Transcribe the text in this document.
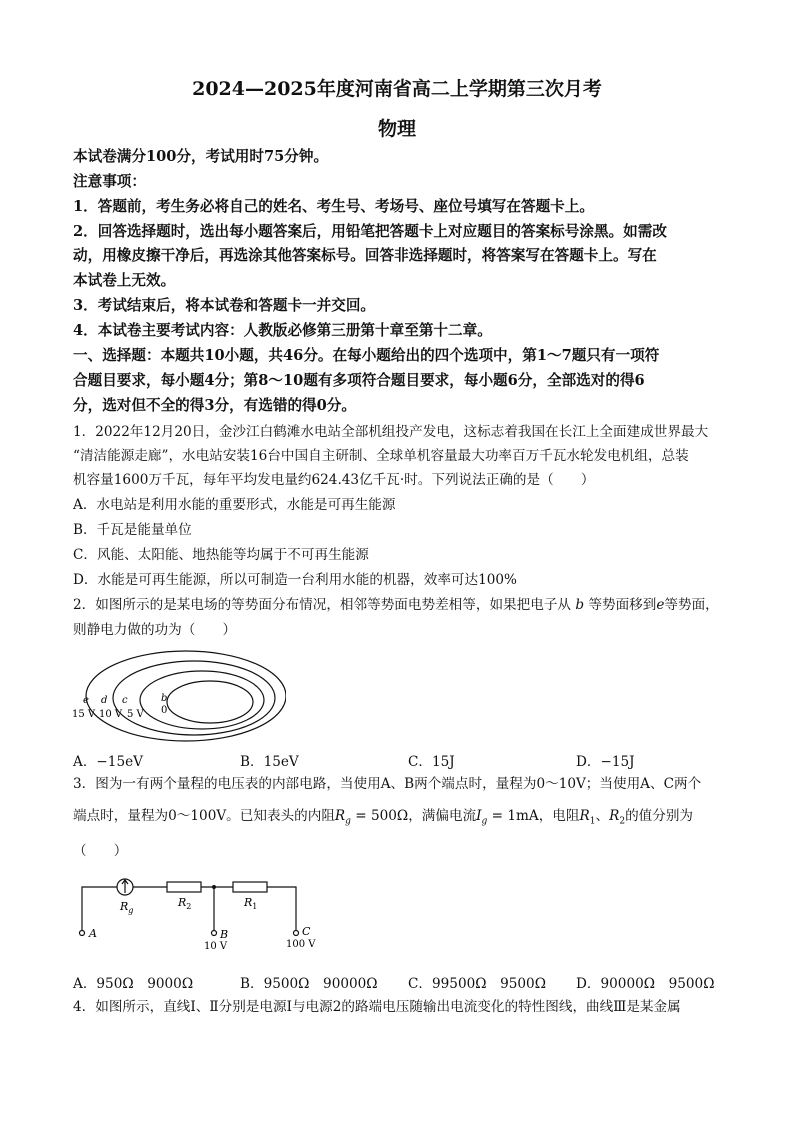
2024—2025年度河南省高二上学期第三次月考
物理
本试卷满分100分，考试用时75分钟。
注意事项：
1．答题前，考生务必将自己的姓名、考生号、考场号、座位号填写在答题卡上。
2．回答选择题时，选出每小题答案后，用铅笔把答题卡上对应题目的答案标号涂黑。如需改
动，用橡皮擦干净后，再选涂其他答案标号。回答非选择题时，将答案写在答题卡上。写在
本试卷上无效。
3．考试结束后，将本试卷和答题卡一并交回。
4．本试卷主要考试内容：人教版必修第三册第十章至第十二章。
一、选择题：本题共10小题，共46分。在每小题给出的四个选项中，第1～7题只有一项符
合题目要求，每小题4分；第8～10题有多项符合题目要求，每小题6分，全部选对的得6
分，选对但不全的得3分，有选错的得0分。
1．2022年12月20日，金沙江白鹤滩水电站全部机组投产发电，这标志着我国在长江上全面建成世界最大
“清洁能源走廊”，水电站安装16台中国自主研制、全球单机容量最大功率百万千瓦水轮发电机组，总装
机容量1600万千瓦，每年平均发电量约624.43亿千瓦·时。下列说法正确的是（　　）
A．水电站是利用水能的重要形式，水能是可再生能源
B．千瓦是能量单位
C．风能、太阳能、地热能等均属于不可再生能源
D．水能是可再生能源，所以可制造一台利用水能的机器，效率可达100%
2．如图所示的是某电场的等势面分布情况，相邻等势面电势差相等，如果把电子从 b 等势面移到e等势面，
则静电力做的功为（　　）
e d c	b
15 V 10 V 5 V 0
A．−15eV	B．15eV	C．15J	D．−15J
3．图为一有两个量程的电压表的内部电路，当使用A、B两个端点时，量程为0～10V；当使用A、C两个
端点时，量程为0～100V。已知表头的内阻$R_g = 500\Omega$，满偏电流$I_g = 1mA$，电阻$R_1$、$R_2$的值分别为
（　　）
$R_g$
$R_2$	$R_1$
A	B	C
10 V	100 V
A．950Ω　9000Ω	B．9500Ω　90000Ω C．99500Ω　9500Ω D．90000Ω　9500Ω
4．如图所示，直线Ⅰ、Ⅱ分别是电源Ⅰ与电源2的路端电压随输出电流变化的特性图线，曲线Ⅲ是某金属
